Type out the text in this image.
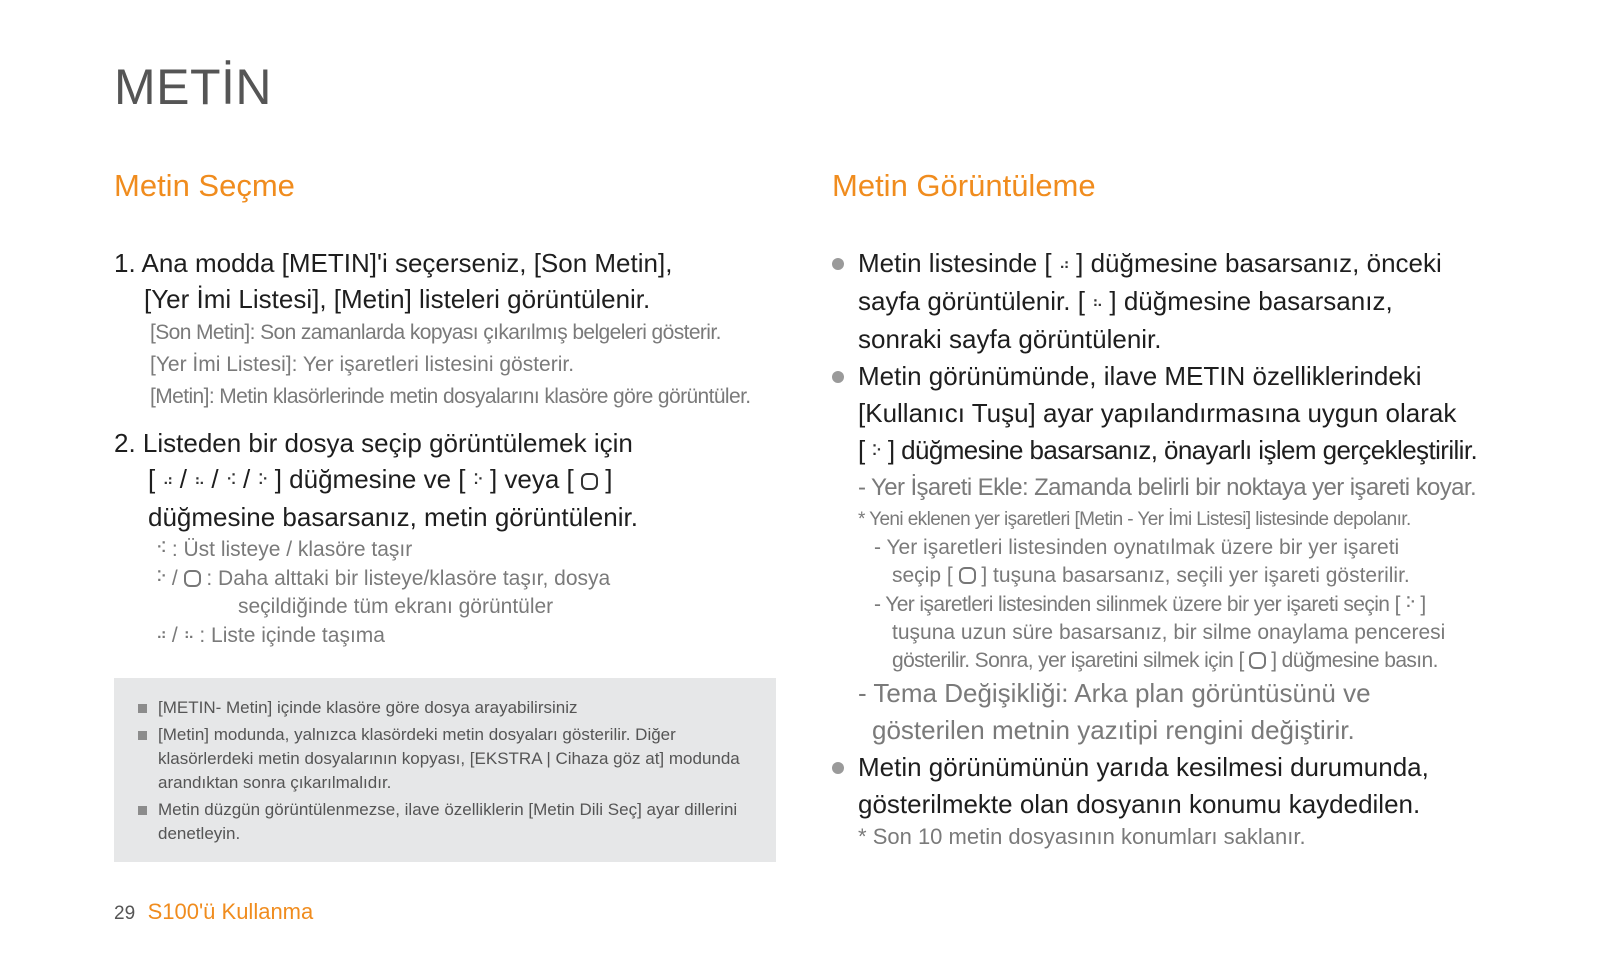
METİN
Metin Seçme	Metin Görüntüleme
1. Ana modda [METIN]'i seçerseniz, [Son Metin],
[Yer İmi Listesi], [Metin] listeleri görüntülenir.
[Son Metin]: Son zamanlarda kopyası çıkarılmış belgeleri gösterir.
[Yer İmi Listesi]: Yer işaretleri listesini gösterir.
[Metin]: Metin klasörlerinde metin dosyalarını klasöre göre görüntüler.
2. Listeden bir dosya seçip görüntülemek için
[ ⠴ / ⠦ / ⠪ / ⠕ ] düğmesine ve [ ⠕ ] veya [ ]
düğmesine basarsanız, metin görüntülenir.
⠪ : Üst listeye / klasöre taşır
⠕ /  : Daha alttaki bir listeye/klasöre taşır, dosya
seçildiğinde tüm ekranı görüntüler
⠴ / ⠦ : Liste içinde taşıma
[METIN- Metin] içinde klasöre göre dosya arayabilirsiniz
[Metin] modunda, yalnızca klasördeki metin dosyaları gösterilir. Diğer klasörlerdeki metin dosyalarının kopyası, [EKSTRA | Cihaza göz at] modunda arandıktan sonra çıkarılmalıdır.
Metin düzgün görüntülenmezse, ilave özelliklerin [Metin Dili Seç] ayar dillerini denetleyin.
Metin listesinde [ ⠴ ] düğmesine basarsanız, önceki
sayfa görüntülenir. [ ⠦ ] düğmesine basarsanız,
sonraki sayfa görüntülenir.
Metin görünümünde, ilave METIN özelliklerindeki
[Kullanıcı Tuşu] ayar yapılandırmasına uygun olarak
[ ⠕ ] düğmesine basarsanız, önayarlı işlem gerçekleştirilir.
- Yer İşareti Ekle: Zamanda belirli bir noktaya yer işareti koyar.
* Yeni eklenen yer işaretleri [Metin - Yer İmi Listesi] listesinde depolanır.
- Yer işaretleri listesinden oynatılmak üzere bir yer işareti
seçip [ ] tuşuna basarsanız, seçili yer işareti gösterilir.
- Yer işaretleri listesinden silinmek üzere bir yer işareti seçin [ ⠕ ]
tuşuna uzun süre basarsanız, bir silme onaylama penceresi
gösterilir. Sonra, yer işaretini silmek için [ ] düğmesine basın.
- Tema Değişikliği: Arka plan görüntüsünü ve
gösterilen metnin yazıtipi rengini değiştirir.
Metin görünümünün yarıda kesilmesi durumunda,
gösterilmekte olan dosyanın konumu kaydedilen.
* Son 10 metin dosyasının konumları saklanır.
29 S100'ü Kullanma
